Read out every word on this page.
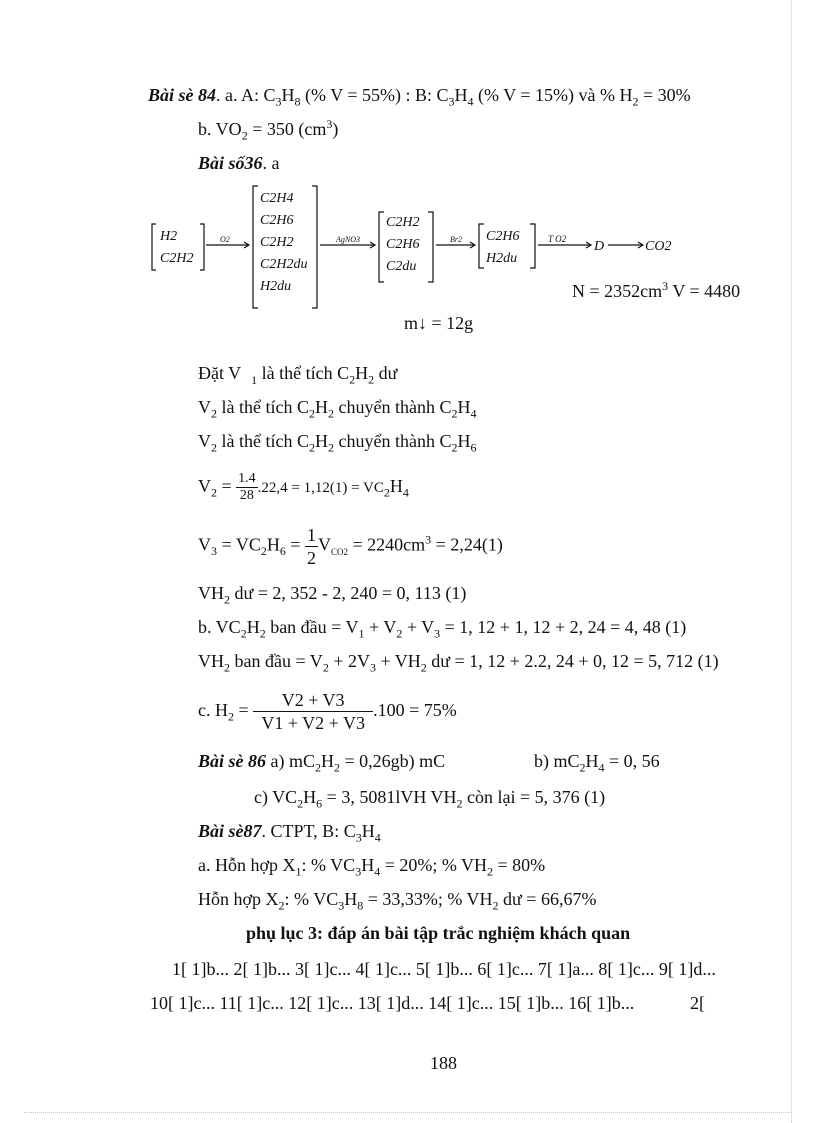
Bài sè 84. a. A: $C_3H_8$ (% V = 55%) : B: $C_3H_4$ (% V = 15%) và % $H_2 = 30\%$
b. $VO_2 = 350$ $(cm^3)$
Bài số36. a
H2
C2H2
O2
C2H4
C2H6
C2H2
C2H2du
H2du
AgNO3
C2H2
C2H6
C2du
Br2 C2H6
H2du
T O2 D	CO2
$N = 2352cm^3$ V = 4480
m↓ = 12g
Đặt V $_1$ là thể tích $C_2H_2$ dư
$V_2$ là thể tích $C_2H_2$ chuyển thành $C_2H_4$
$V_2$ là thể tích $C_2H_2$ chuyển thành $C_2H_6$
$V_2 = \frac{1.4}{28} .22,4 = 1,12(1) = VC_2H_4$
$V_3 = VC_2H_6 = \frac{1}{2} V_{CO2} = 2240cm^3 = 2,24(1)$
$VH_2$ dư = 2, 352 - 2, 240 = 0, 113 (1)
b. $VC_2H_2$ ban đầu = $V_1 + V_2 + V_3 = 1$, 12 + 1, 12 + 2, 24 = 4, 48 (1)
$VH_2$ ban đầu = $V_2 + 2V_3 + VH_2$ dư = 1, 12 + 2.2, 24 + 0, 12 = 5, 712 (1)
c. $H_2 = \frac{V2 + V3}{V1 + V2 + V3} .100 = 75\%$
Bài sè 86 a) $mC_2H_2 = 0,26gb$) mC	b) $mC_2H_4 = 0$, 56
c) $VC_2H_6 = 3$, 5081lVH $VH_2$ còn lại = 5, 376 (1)
Bài sè87. CTPT, B: $C_3H_4$
a. Hỗn hợp $X_1$: % $VC_3H_4 = 20\%$; % $VH_2 = 80\%$
Hỗn hợp $X_2$: % $VC_3H_8 = 33,33\%$; % $VH_2$ dư = 66,67%
phụ lục 3: đáp án bài tập trắc nghiệm khách quan
1[ 1]b... 2[ 1]b... 3[ 1]c... 4[ 1]c... 5[ 1]b... 6[ 1]c... 7[ 1]a... 8[ 1]c... 9[ 1]d...
10[ 1]c... 11[ 1]c... 12[ 1]c... 13[ 1]d... 14[ 1]c... 15[ 1]b... 16[ 1]b...	2[
188
